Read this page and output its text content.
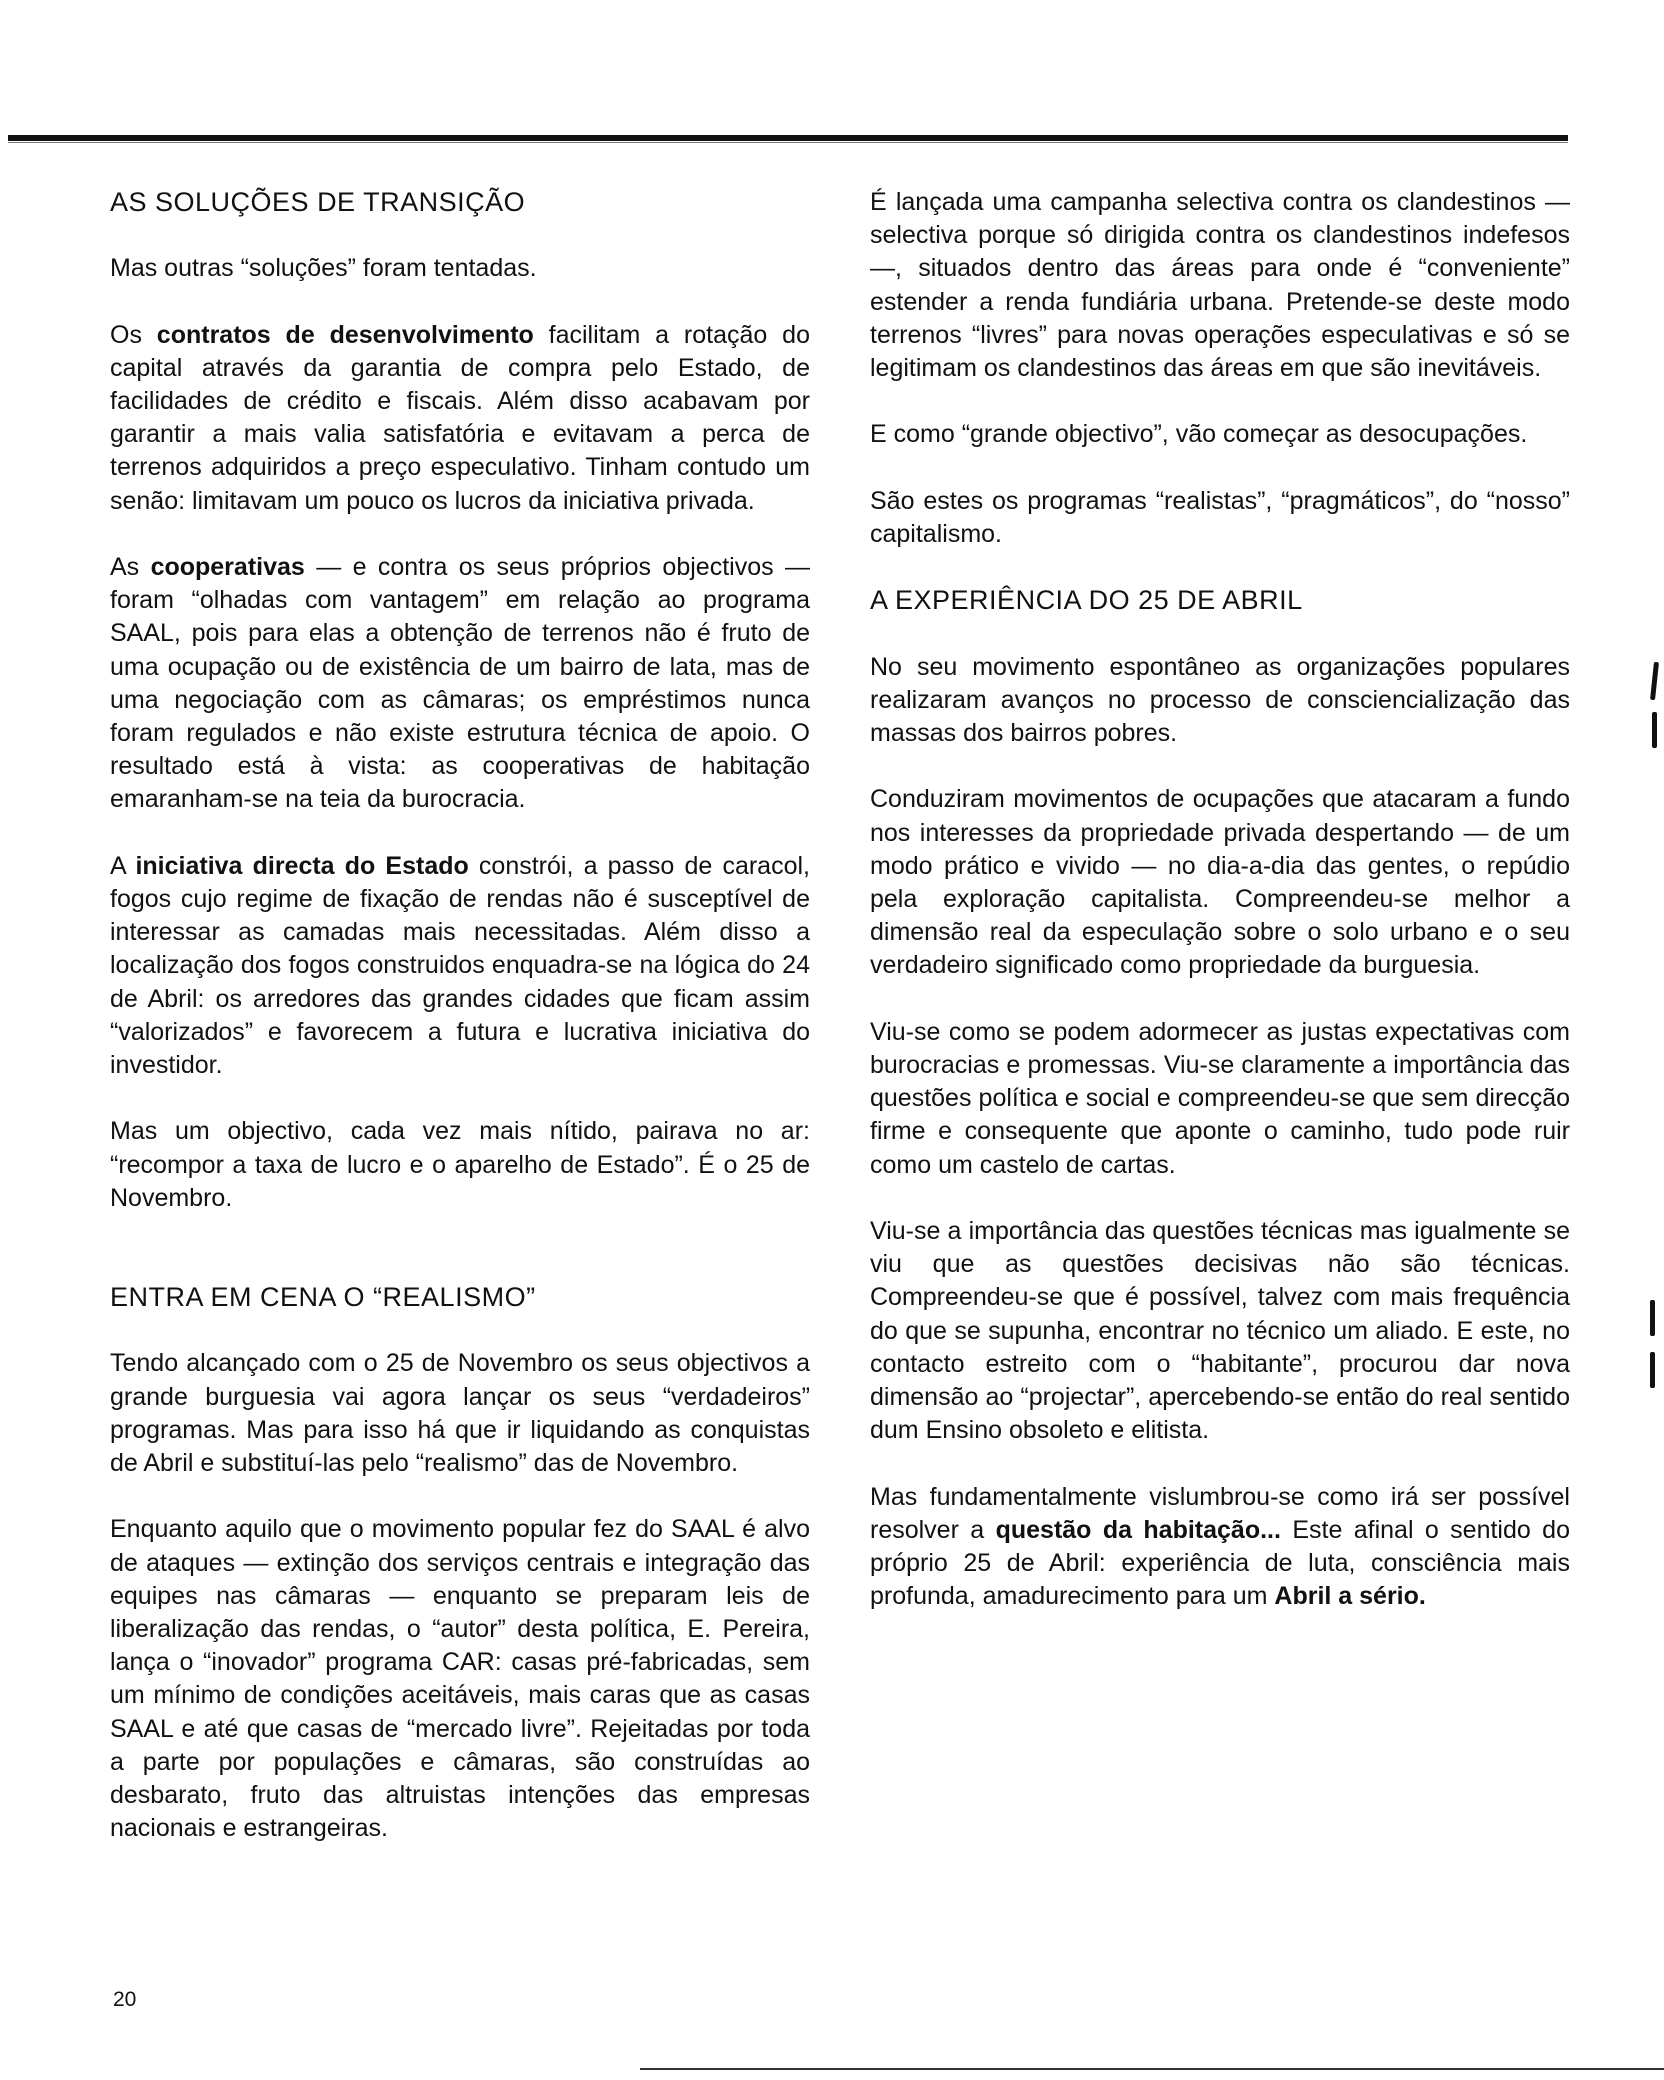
AS SOLUÇÕES DE TRANSIÇÃO

Mas outras “soluções” foram tentadas.

Os contratos de desenvolvimento facilitam a rotação do capital através da garantia de compra pelo Estado, de facilidades de crédito e fiscais. Além disso acabavam por garantir a mais valia satisfatória e evitavam a perca de terrenos adquiridos a preço especulativo. Tinham contudo um senão: limitavam um pouco os lucros da iniciativa privada.

As cooperativas — e contra os seus próprios objectivos — foram “olhadas com vantagem” em relação ao programa SAAL, pois para elas a obtenção de terrenos não é fruto de uma ocupação ou de existência de um bairro de lata, mas de uma negociação com as câmaras; os empréstimos nunca foram regulados e não existe estrutura técnica de apoio. O resultado está à vista: as cooperativas de habitação emaranham-se na teia da burocracia.

A iniciativa directa do Estado constrói, a passo de caracol, fogos cujo regime de fixação de rendas não é susceptível de interessar as camadas mais necessitadas. Além disso a localização dos fogos construidos enquadra-se na lógica do 24 de Abril: os arredores das grandes cidades que ficam assim “valorizados” e favorecem a futura e lucrativa iniciativa do investidor.

Mas um objectivo, cada vez mais nítido, pairava no ar: “recompor a taxa de lucro e o aparelho de Estado”. É o 25 de Novembro.

ENTRA EM CENA O “REALISMO”

Tendo alcançado com o 25 de Novembro os seus objectivos a grande burguesia vai agora lançar os seus “verdadeiros” programas. Mas para isso há que ir liquidando as conquistas de Abril e substituí-las pelo “realismo” das de Novembro.

Enquanto aquilo que o movimento popular fez do SAAL é alvo de ataques — extinção dos serviços centrais e integração das equipes nas câmaras — enquanto se preparam leis de liberalização das rendas, o “autor” desta política, E. Pereira, lança o “inovador” programa CAR: casas pré-fabricadas, sem um mínimo de condições aceitáveis, mais caras que as casas SAAL e até que casas de “mercado livre”. Rejeitadas por toda a parte por populações e câmaras, são construídas ao desbarato, fruto das altruistas intenções das empresas nacionais e estrangeiras.

É lançada uma campanha selectiva contra os clandestinos — selectiva porque só dirigida contra os clandestinos indefesos —, situados dentro das áreas para onde é “conveniente” estender a renda fundiária urbana. Pretende-se deste modo terrenos “livres” para novas operações especulativas e só se legitimam os clandestinos das áreas em que são inevitáveis.

E como “grande objectivo”, vão começar as desocupações.

São estes os programas “realistas”, “pragmáticos”, do “nosso” capitalismo.

A EXPERIÊNCIA DO 25 DE ABRIL

No seu movimento espontâneo as organizações populares realizaram avanços no processo de consciencialização das massas dos bairros pobres.

Conduziram movimentos de ocupações que atacaram a fundo nos interesses da propriedade privada despertando — de um modo prático e vivido — no dia-a-dia das gentes, o repúdio pela exploração capitalista. Compreendeu-se melhor a dimensão real da especulação sobre o solo urbano e o seu verdadeiro significado como propriedade da burguesia.

Viu-se como se podem adormecer as justas expectativas com burocracias e promessas. Viu-se claramente a importância das questões política e social e compreendeu-se que sem direcção firme e consequente que aponte o caminho, tudo pode ruir como um castelo de cartas.

Viu-se a importância das questões técnicas mas igualmente se viu que as questões decisivas não são técnicas. Compreendeu-se que é possível, talvez com mais frequência do que se supunha, encontrar no técnico um aliado. E este, no contacto estreito com o “habitante”, procurou dar nova dimensão ao “projectar”, apercebendo-se então do real sentido dum Ensino obsoleto e elitista.

Mas fundamentalmente vislumbrou-se como irá ser possível resolver a questão da habitação... Este afinal o sentido do próprio 25 de Abril: experiência de luta, consciência mais profunda, amadurecimento para um Abril a sério.

20
